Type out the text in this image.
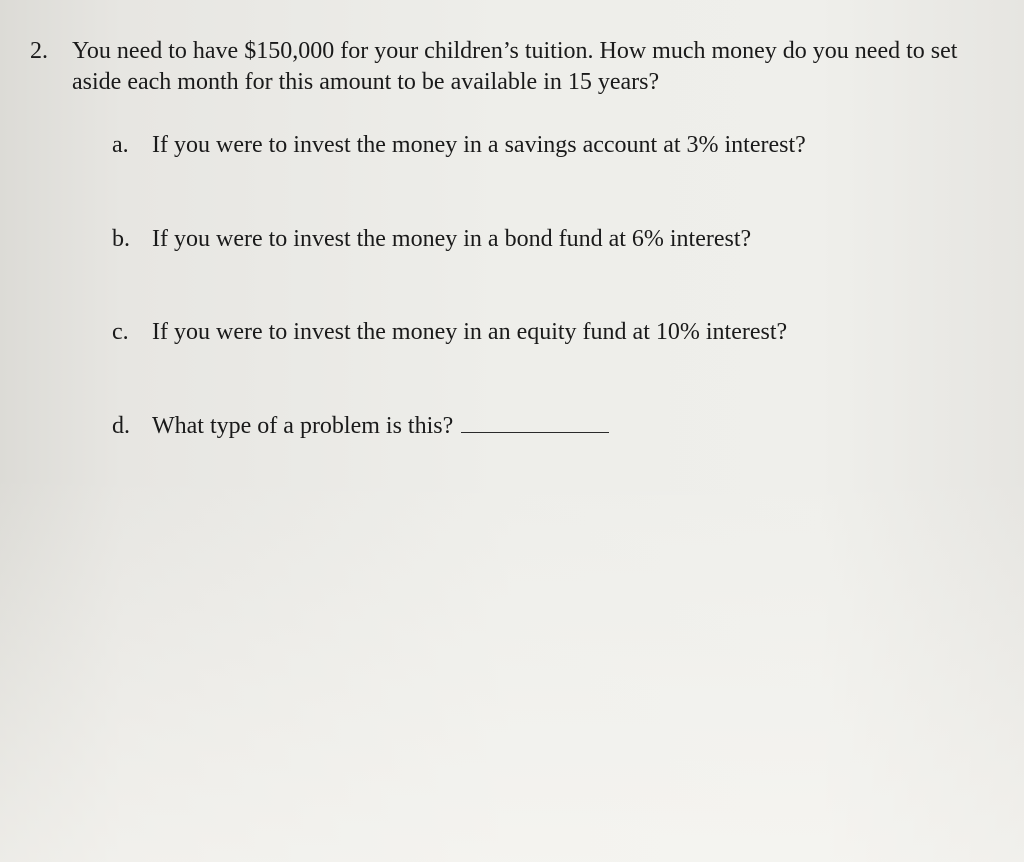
2.	You need to have $150,000 for your children’s tuition. How much money do you need to set aside each month for this amount to be available in 15 years?
a. If you were to invest the money in a savings account at 3% interest?
b. If you were to invest the money in a bond fund at 6% interest?
c. If you were to invest the money in an equity fund at 10% interest?
d. What type of a problem is this?
